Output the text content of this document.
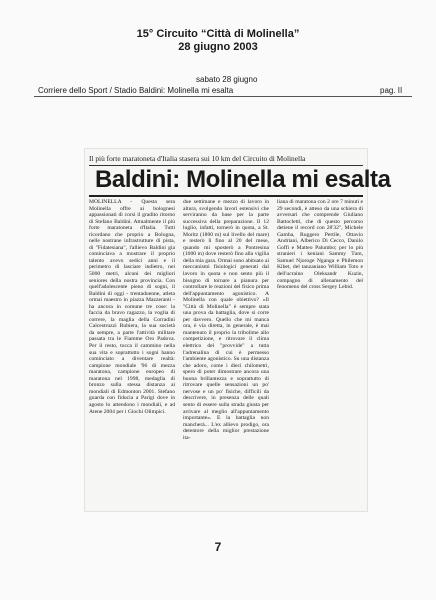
15° Circuito “Città di Molinella”
28 giugno 2003
sabato 28 giugno
Corriere dello Sport / Stadio Baldini: Molinella mi esalta	pag. II
Il più forte maratoneta d'Italia stasera sui 10 km del Circuito di Molinella
Baldini: Molinella mi esalta
MOLINELLA - Questa sera Molinella offre ai bolognesi appassionati di corsi il gradito ritorno di Stefano Baldini. Attualmente il più forte maratoneta d'Italia. Tutti ricordano che proprio a Bologna, nelle nostrane infrastrutture di pista, di "Fidatesiana", l'allievo Baldini gia cominciava a mostrare il proprio talento avevo sedici anni e il perimetro di lasciare indietro, nei 5000 metri, alcuni dei migliori seniores della nostra provincia. Con quell'adolescente pieno di sogni, il Baldini di oggi - trentaduenne, atleta ormai maestro in piazza Mazzeranti - ha ancora in comune tre cose: la faccia da bravo ragazzo, la voglia di correre, la maglia della Corradini Calcestruzzi Rubiera, la sua società da sempre, a parte l'attività militare passata tra le Fiamme Oro Padova. Per il resto, tocca il cammino nella sua vita e soprattutto i sogni hanno cominciato a diventare realtà: campione mondiale '96 di mezza maratona, campione europeo di maratona nel 1998, medaglia di bronzo sulla stessa distanza ai mondiali di Edmonton 2001. Stefano guarda con fiducia a Parigi dove in agosto lo attendono i mondiali, e ad Atene 2004 per i Giochi Olimpici.
due settimane e mezzo di lavoro in altura, svolgendo lavori estensivi che serviranno da base per la parte successiva della preparazione. Il 12 luglio, infatti, tornerò in quota, a St. Moritz (1800 m) sul livello del mare) e resterò lì fino al 20 del mese, quando mi sposterò a Pontresina (1000 m) dove resterò fino alla vigilia della mia gara. Ormai sono abituato ai meccanismi fisiologici generati dal lavoro in quota e non sento più il bisogno di tornare a pianura per controllare le reazioni del fisico prima dell'appuntamento agonistico. A Molinella con quale obiettivo? «Il "Città di Molinella" è sempre stata una prova da battaglia, dove si corre per davvero. Quello che mi manca ora, è via diretta, in generale, è mai mantenuto il proprio la tribolime allo competizione, e ritrovare il clima elettrico del "provvide" a tutta l'adrenalina di cui è permesso l'ambiente agonistico. Su una distanza che adoro, come i dieci chilometri, spero di poter dimostrare ancora una buona brillantezza e soprattutto di ritrovare quelle sensazioni un po' nervose e un po' fisiche, difficili da descrivere, in presenza delle quali sento di essere sulla strada giusta per arrivare al meglio all'appuntamento importante». E la battaglia non mancherà... L'ex allievo prodigo, ora detentore della miglior prestazione ita-
liana di maratona con 2 ore 7 minuti e 29 secondi, è atteso da una schiera di avversari che comprende Giuliano Battocletti, che di questo percorso detiene il record con 28'32", Michele Gamba, Ruggero Pertile, Ottavio Andriani, Alberico Di Cecco, Danilo Goffi e Matteo Palumbo; per lo più stranieri i keniani Sammy Tum, Samuel Njoroge Nganga e Philemon Kibet, del tanzaniano William Toto e dell'ucraino Oleksandr Kuzin, compagno di allenamento del fenomeno del cross Sergey Lebid.
7
